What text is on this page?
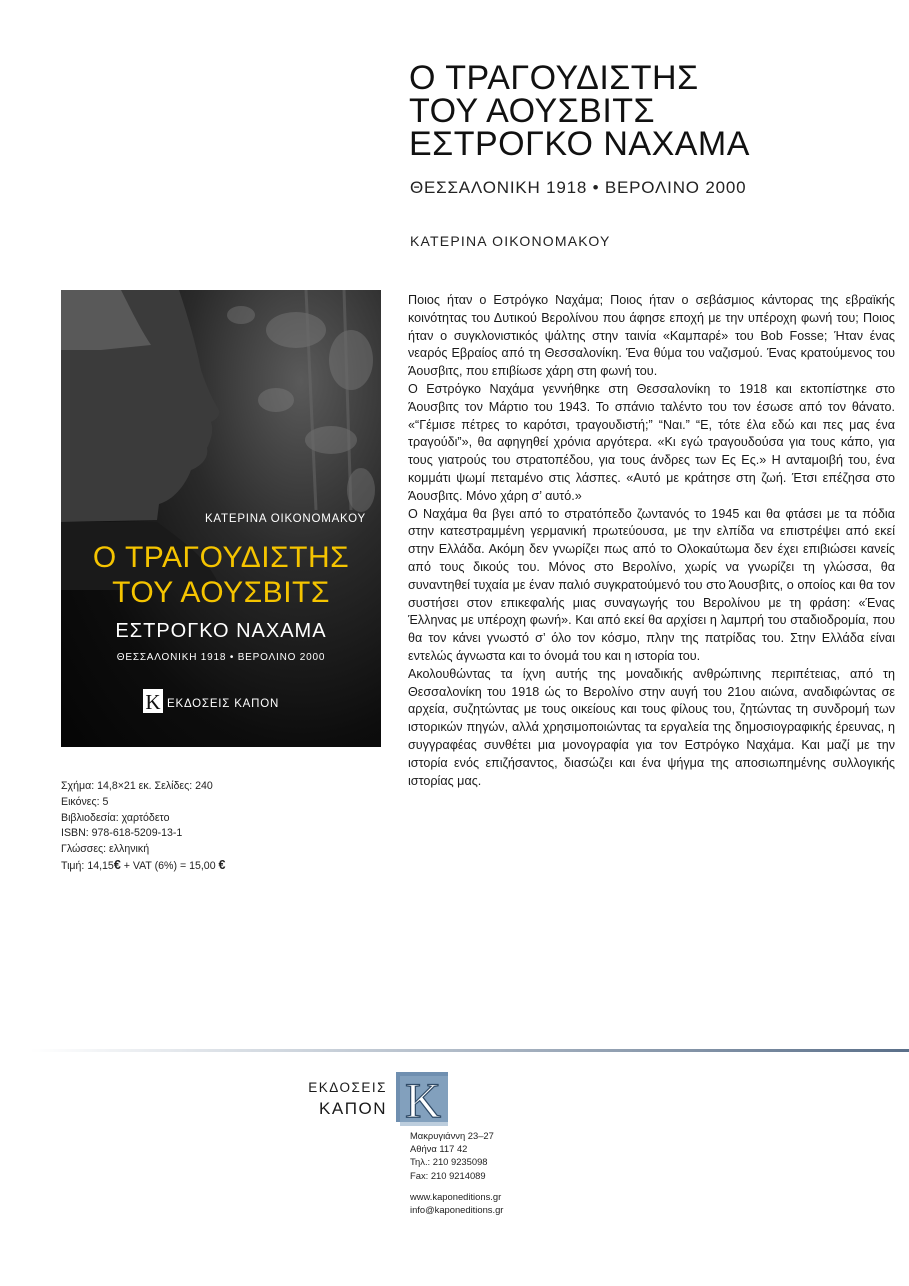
Ο ΤΡΑΓΟΥΔΙΣΤΗΣ
ΤΟΥ ΑΟΥΣΒΙΤΣ
ΕΣΤΡΟΓΚΟ ΝΑΧΑΜΑ
ΘΕΣΣΑΛΟΝΙΚΗ 1918 • ΒΕΡΟΛΙΝΟ 2000
ΚΑΤΕΡΙΝΑ ΟΙΚΟΝΟΜΑΚΟΥ
ΚΑΤΕΡΙΝΑ ΟΙΚΟΝΟΜΑΚΟΥ
Ο ΤΡΑΓΟΥΔΙΣΤΗΣ
ΤΟΥ ΑΟΥΣΒΙΤΣ
ΕΣΤΡΟΓΚΟ ΝΑΧΑΜΑ
ΘΕΣΣΑΛΟΝΙΚΗ 1918 • ΒΕΡΟΛΙΝΟ 2000
K ΕΚΔΟΣΕΙΣ ΚΑΠΟΝ
Σχήμα: 14,8×21 εκ. Σελίδες: 240
Εικόνες: 5
Βιβλιοδεσία: χαρτόδετο
ISBN: 978-618-5209-13-1
Γλώσσες: ελληνική
Τιμή: 14,15€ + VAT (6%) = 15,00 €

Ποιος ήταν ο Εστρόγκο Ναχάμα; Ποιος ήταν ο σεβάσμιος κάντορας της εβραϊκής κοινότητας του Δυτικού Βερολίνου που άφησε εποχή με την υπέροχη φωνή του; Ποιος ήταν ο συγκλονιστικός ψάλτης στην ταινία «Καμπαρέ» του Bob Fosse; Ήταν ένας νεαρός Εβραίος από τη Θεσσαλονίκη. Ένα θύμα του ναζισμού. Ένας κρατούμενος του Άουσβιτς, που επιβίωσε χάρη στη φωνή του.

Ο Εστρόγκο Ναχάμα γεννήθηκε στη Θεσσαλονίκη το 1918 και εκτοπίστηκε στο Άουσβιτς τον Μάρτιο του 1943. Το σπάνιο ταλέντο του τον έσωσε από τον θάνατο. «“Γέμισε πέτρες το καρότσι, τραγουδιστή;” “Ναι.” “Ε, τότε έλα εδώ και πες μας ένα τραγούδι”», θα αφηγηθεί χρόνια αργότερα. «Κι εγώ τραγουδούσα για τους κάπο, για τους γιατρούς του στρατοπέδου, για τους άνδρες των Ες Ες.» Η ανταμοιβή του, ένα κομμάτι ψωμί πεταμένο στις λάσπες. «Αυτό με κράτησε στη ζωή. Έτσι επέζησα στο Άουσβιτς. Μόνο χάρη σ’ αυτό.»

Ο Ναχάμα θα βγει από το στρατόπεδο ζωντανός το 1945 και θα φτάσει με τα πόδια στην κατεστραμμένη γερμανική πρωτεύουσα, με την ελπίδα να επιστρέψει από εκεί στην Ελλάδα. Ακόμη δεν γνωρίζει πως από το Ολοκαύτωμα δεν έχει επιβιώσει κανείς από τους δικούς του. Μόνος στο Βερολίνο, χωρίς να γνωρίζει τη γλώσσα, θα συναντηθεί τυχαία με έναν παλιό συγκρατούμενό του στο Άουσβιτς, ο οποίος και θα τον συστήσει στον επικεφαλής μιας συναγωγής του Βερολίνου με τη φράση: «Ένας Έλληνας με υπέροχη φωνή». Και από εκεί θα αρχίσει η λαμπρή του σταδιοδρομία, που θα τον κάνει γνωστό σ’ όλο τον κόσμο, πλην της πατρίδας του. Στην Ελλάδα είναι εντελώς άγνωστα και το όνομά του και η ιστορία του.

Ακολουθώντας τα ίχνη αυτής της μοναδικής ανθρώπινης περιπέτειας, από τη Θεσσαλονίκη του 1918 ώς το Βερολίνο στην αυγή του 21ου αιώνα, αναδιφώντας σε αρχεία, συζητώντας με τους οικείους και τους φίλους του, ζητώντας τη συνδρομή των ιστορικών πηγών, αλλά χρησιμοποιώντας τα εργαλεία της δημοσιογραφικής έρευνας, η συγγραφέας συνθέτει μια μονογραφία για τον Εστρόγκο Ναχάμα. Και μαζί με την ιστορία ενός επιζήσαντος, διασώζει και ένα ψήγμα της αποσιωπημένης συλλογικής ιστορίας μας.

ΕΚΔΟΣΕΙΣ
ΚΑΠΟΝ K
Μακρυγιάννη 23–27
Αθήνα 117 42
Τηλ.: 210 9235098
Fax: 210 9214089
www.kaponeditions.gr
info@kaponeditions.gr
